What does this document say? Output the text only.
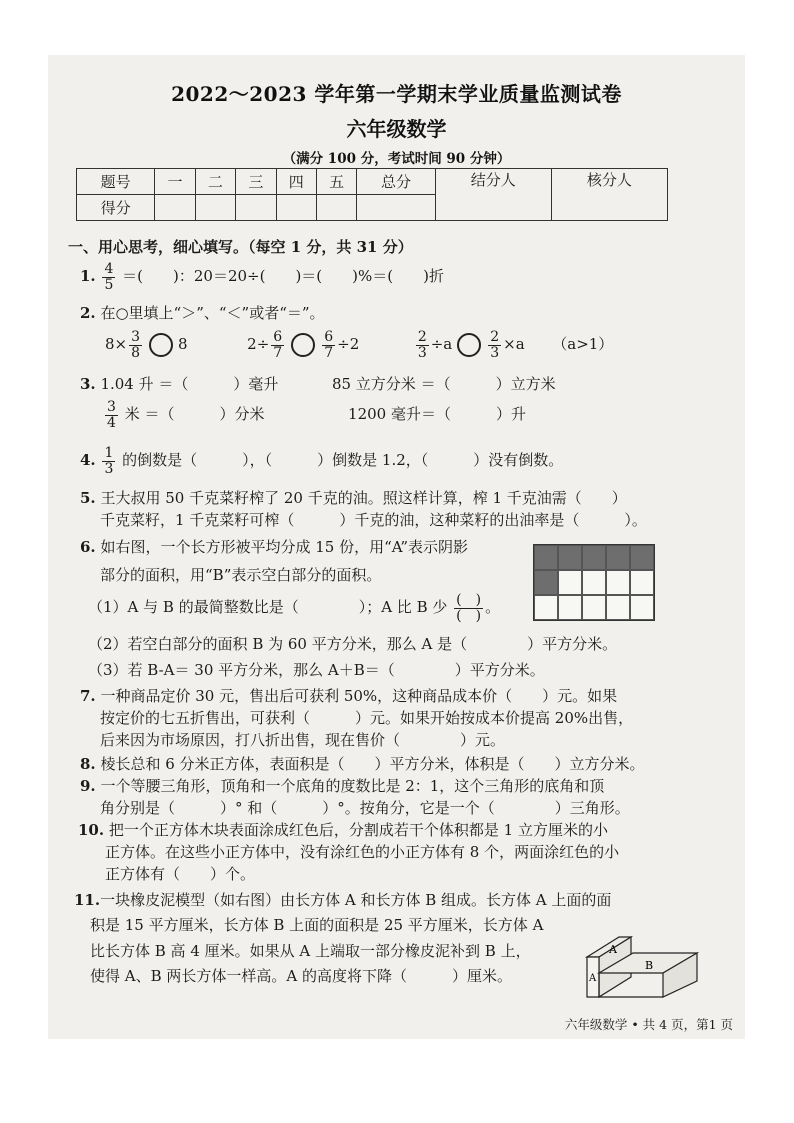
2022～2023 学年第一学期末学业质量监测试卷
六年级数学
（满分 100 分，考试时间 90 分钟）
题号	一	二	三	四	五	总分	结分人	核分人
得分								
一、用心思考，细心填写。（每空 1 分，共 31 分）
1. $\frac{4}{5}$ ＝(　　)：20＝20÷(　　)＝(　　)%＝(　　)折
2. 在○里填上“＞”、“＜”或者“＝”。
$8\times \frac{3}{8} 8$	$2\div \frac{6}{7}$	$\frac{6}{7} \div 2$	$\frac{2}{3} \div a$	$\frac{2}{3} \times a$ （a>1）
3. 1.04 升 ＝（　　　）毫升	85 立方分米 ＝（　　　）立方米
$\frac{3}{4}$ 米 ＝（　　　）分米	1200 毫升＝（　　　）升
4. $\frac{1}{3}$ 的倒数是（　　　），（　　　）倒数是 1.2，（　　　）没有倒数。
5. 王大叔用 50 千克菜籽榨了 20 千克的油。照这样计算，榨 1 千克油需（　　）
千克菜籽，1 千克菜籽可榨（　　　）千克的油，这种菜籽的出油率是（　　　）。
6. 如右图，一个长方形被平均分成 15 份，用“A”表示阴影
部分的面积，用“B”表示空白部分的面积。
（1）A 与 B 的最简整数比是（　　　　）；A 比 B 少 $\frac{( )}{( )}$ 。
（2）若空白部分的面积 B 为 60 平方分米，那么 A 是（　　　　）平方分米。
（3）若 B-A＝ 30 平方分米，那么 A＋B＝（　　　　）平方分米。
7. 一种商品定价 30 元，售出后可获利 50%，这种商品成本价（　　）元。如果
按定价的七五折售出，可获利（　　　）元。如果开始按成本价提高 20%出售，
后来因为市场原因，打八折出售，现在售价（　　　　）元。
8. 棱长总和 6 分米正方体，表面积是（　　）平方分米，体积是（　　）立方分米。
9. 一个等腰三角形，顶角和一个底角的度数比是 2：1，这个三角形的底角和顶
角分别是（　　　）° 和（　　　）°。按角分，它是一个（　　　　）三角形。
10. 把一个正方体木块表面涂成红色后，分割成若干个体积都是 1 立方厘米的小
正方体。在这些小正方体中，没有涂红色的小正方体有 8 个，两面涂红色的小
正方体有（　　）个。
11.一块橡皮泥模型（如右图）由长方体 A 和长方体 B 组成。长方体 A 上面的面
积是 15 平方厘米，长方体 B 上面的面积是 25 平方厘米，长方体 A
比长方体 B 高 4 厘米。如果从 A 上端取一部分橡皮泥补到 B 上，
使得 A、B 两长方体一样高。A 的高度将下降（　　　）厘米。
A
B
A
六年级数学 • 共 4 页，第1 页
